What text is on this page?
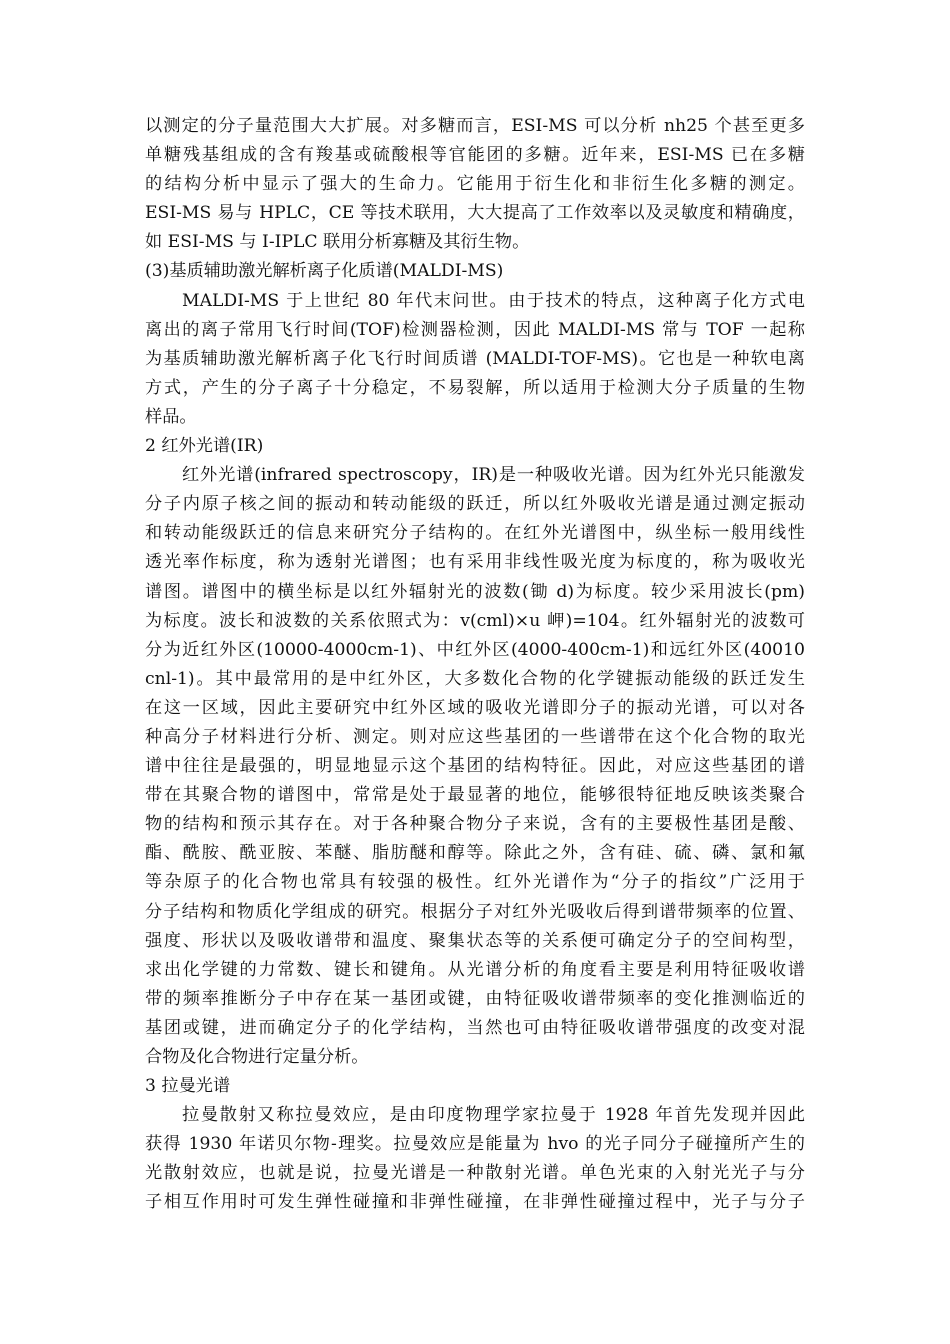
以测定的分子量范围大大扩展。对多糖而言，ESI-MS 可以分析 nh25 个甚至更多
单糖残基组成的含有羧基或硫酸根等官能团的多糖。近年来，ESI-MS 已在多糖
的结构分析中显示了强大的生命力。它能用于衍生化和非衍生化多糖的测定。
ESI-MS 易与 HPLC，CE 等技术联用，大大提高了工作效率以及灵敏度和精确度，
如 ESI-MS 与 I-IPLC 联用分析寡糖及其衍生物。
(3)基质辅助激光解析离子化质谱(MALDI-MS)
MALDI-MS 于上世纪 80 年代末问世。由于技术的特点，这种离子化方式电
离出的离子常用飞行时间(TOF)检测器检测，因此 MALDI-MS 常与 TOF 一起称
为基质辅助激光解析离子化飞行时间质谱 (MALDI-TOF-MS)。它也是一种软电离
方式，产生的分子离子十分稳定，不易裂解，所以适用于检测大分子质量的生物
样品。
2 红外光谱(IR)
红外光谱(infrared spectroscopy，IR)是一种吸收光谱。因为红外光只能激发
分子内原子核之间的振动和转动能级的跃迁，所以红外吸收光谱是通过测定振动
和转动能级跃迁的信息来研究分子结构的。在红外光谱图中，纵坐标一般用线性
透光率作标度，称为透射光谱图；也有采用非线性吸光度为标度的，称为吸收光
谱图。谱图中的横坐标是以红外辐射光的波数(锄 d)为标度。较少采用波长(pm)
为标度。波长和波数的关系依照式为：v(cml)×u 岬)=104。红外辐射光的波数可
分为近红外区(10000-4000cm-1)、中红外区(4000-400cm-1)和远红外区(40010
cnl-1)。其中最常用的是中红外区，大多数化合物的化学键振动能级的跃迁发生
在这一区域，因此主要研究中红外区域的吸收光谱即分子的振动光谱，可以对各
种高分子材料进行分析、测定。则对应这些基团的一些谱带在这个化合物的取光
谱中往往是最强的，明显地显示这个基团的结构特征。因此，对应这些基团的谱
带在其聚合物的谱图中，常常是处于最显著的地位，能够很特征地反映该类聚合
物的结构和预示其存在。对于各种聚合物分子来说，含有的主要极性基团是酸、
酯、酰胺、酰亚胺、苯醚、脂肪醚和醇等。除此之外，含有硅、硫、磷、氯和氟
等杂原子的化合物也常具有较强的极性。红外光谱作为“分子的指纹”广泛用于
分子结构和物质化学组成的研究。根据分子对红外光吸收后得到谱带频率的位置、
强度、形状以及吸收谱带和温度、聚集状态等的关系便可确定分子的空间构型，
求出化学键的力常数、键长和键角。从光谱分析的角度看主要是利用特征吸收谱
带的频率推断分子中存在某一基团或键，由特征吸收谱带频率的变化推测临近的
基团或键，进而确定分子的化学结构，当然也可由特征吸收谱带强度的改变对混
合物及化合物进行定量分析。
3 拉曼光谱
拉曼散射又称拉曼效应，是由印度物理学家拉曼于 1928 年首先发现并因此
获得 1930 年诺贝尔物-理奖。拉曼效应是能量为 hvo 的光子同分子碰撞所产生的
光散射效应，也就是说，拉曼光谱是一种散射光谱。单色光束的入射光光子与分
子相互作用时可发生弹性碰撞和非弹性碰撞，在非弹性碰撞过程中，光子与分子
